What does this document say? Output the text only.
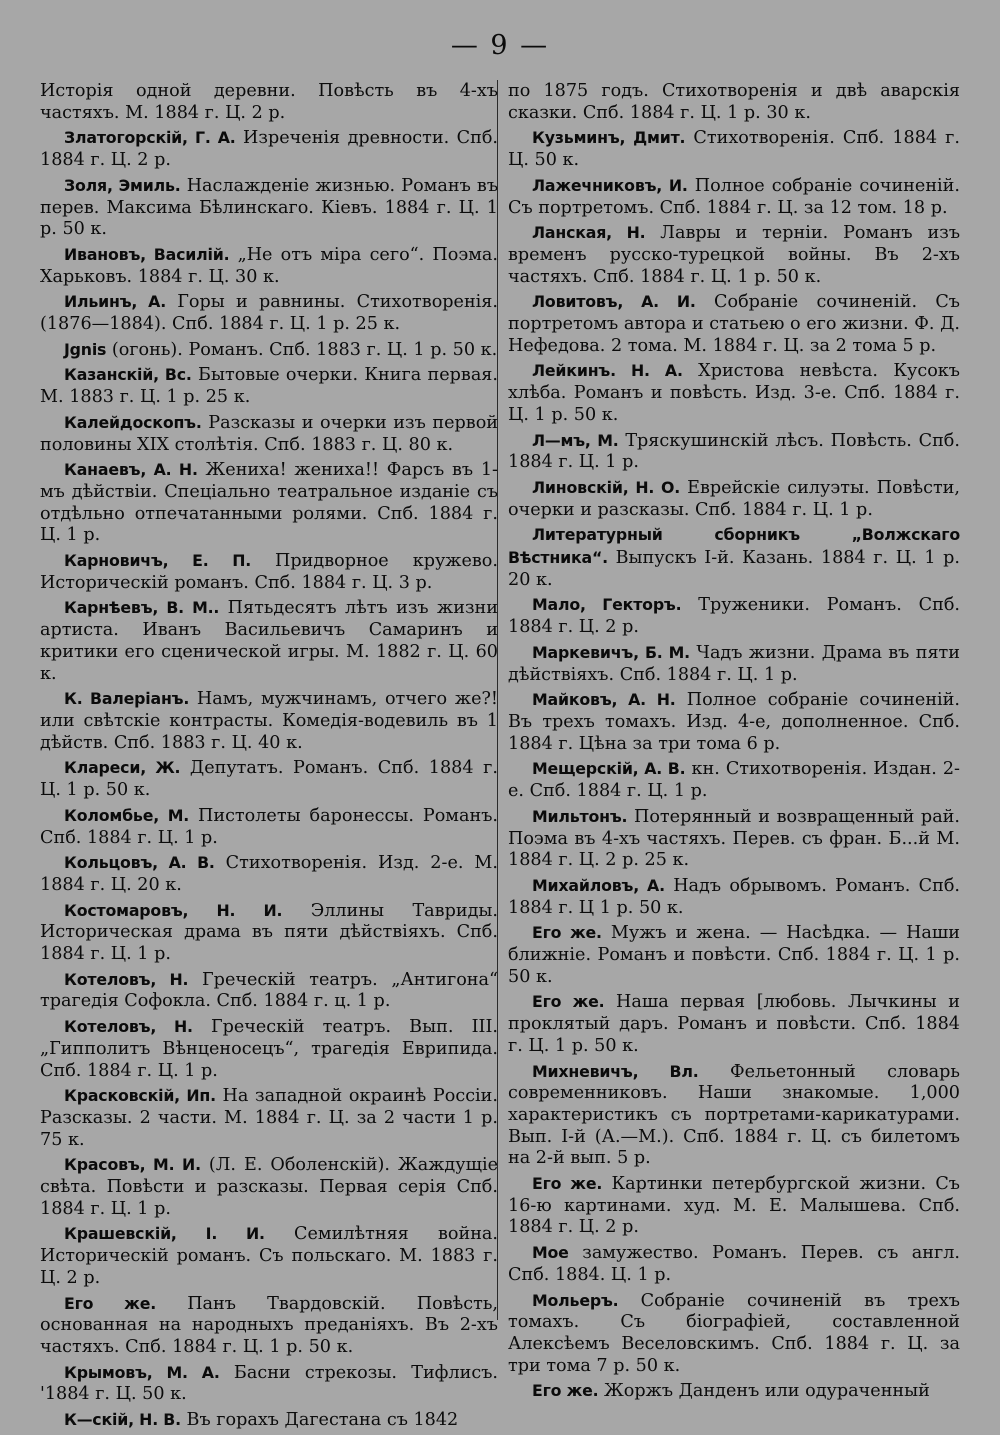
— 9 —
Исторія одной деревни. Повѣсть въ 4-хъ частяхъ. М. 1884 г. Ц. 2 р.
Златогорскій, Г. А. Изреченія древности. Спб. 1884 г. Ц. 2 р.
Золя, Эмиль. Наслажденіе жизнью. Романъ въ перев. Максима Бѣлинскаго. Кіевъ. 1884 г. Ц. 1 р. 50 к.
Ивановъ, Василій. „Не отъ міра сего“. Поэма. Харьковъ. 1884 г. Ц. 30 к.
Ильинъ, А. Горы и равнины. Стихотворенія. (1876—1884). Спб. 1884 г. Ц. 1 р. 25 к.
Jgnis (огонь). Романъ. Спб. 1883 г. Ц. 1 р. 50 к.
Казанскій, Вс. Бытовые очерки. Книга первая. М. 1883 г. Ц. 1 р. 25 к.
Калейдоскопъ. Разсказы и очерки изъ первой половины XIX столѣтія. Спб. 1883 г. Ц. 80 к.
Канаевъ, А. Н. Жениха! жениха!! Фарсъ въ 1-мъ дѣйствіи. Спеціально театральное изданіе съ отдѣльно отпечатанными ролями. Спб. 1884 г. Ц. 1 р.
Карновичъ, Е. П. Придворное кружево. Историческій романъ. Спб. 1884 г. Ц. 3 р.
Карнѣевъ, В. М.. Пятьдесятъ лѣтъ изъ жизни артиста. Иванъ Васильевичъ Самаринъ и критики его сценической игры. М. 1882 г. Ц. 60 к.
К. Валеріанъ. Намъ, мужчинамъ, отчего же?! или свѣтскіе контрасты. Комедія-водевиль въ 1 дѣйств. Спб. 1883 г. Ц. 40 к.
Клареси, Ж. Депутатъ. Романъ. Спб. 1884 г. Ц. 1 р. 50 к.
Коломбье, М. Пистолеты баронессы. Романъ. Спб. 1884 г. Ц. 1 р.
Кольцовъ, А. В. Стихотворенія. Изд. 2-е. М. 1884 г. Ц. 20 к.
Костомаровъ, Н. И. Эллины Тавриды. Историческая драма въ пяти дѣйствіяхъ. Спб. 1884 г. Ц. 1 р.
Котеловъ, Н. Греческій театръ. „Антигона“ трагедія Софокла. Спб. 1884 г. ц. 1 р.
Котеловъ, Н. Греческій театръ. Вып. III. „Гипполитъ Вѣнценосецъ“, трагедія Еврипида. Спб. 1884 г. Ц. 1 р.
Красковскій, Ип. На западной окраинѣ Россіи. Разсказы. 2 части. М. 1884 г. Ц. за 2 части 1 р. 75 к.
Красовъ, М. И. (Л. Е. Оболенскій). Жаждущіе свѣта. Повѣсти и разсказы. Первая серія Спб. 1884 г. Ц. 1 р.
Крашевскій, І. И. Семилѣтняя война. Историческій романъ. Съ польскаго. М. 1883 г. Ц. 2 р.
Его же. Панъ Твардовскій. Повѣсть, основанная на народныхъ преданіяхъ. Въ 2-хъ частяхъ. Спб. 1884 г. Ц. 1 р. 50 к.
Крымовъ, М. А. Басни стрекозы. Тифлисъ. '1884 г. Ц. 50 к.
К—скій, Н. В. Въ горахъ Дагестана съ 1842
по 1875 годъ. Стихотворенія и двѣ аварскія сказки. Спб. 1884 г. Ц. 1 р. 30 к.
Кузьминъ, Дмит. Стихотворенія. Спб. 1884 г. Ц. 50 к.
Лажечниковъ, И. Полное собраніе сочиненій. Съ портретомъ. Спб. 1884 г. Ц. за 12 том. 18 р.
Ланская, Н. Лавры и терніи. Романъ изъ временъ русско-турецкой войны. Въ 2-хъ частяхъ. Спб. 1884 г. Ц. 1 р. 50 к.
Ловитовъ, А. И. Собраніе сочиненій. Съ портретомъ автора и статьею о его жизни. Ф. Д. Нефедова. 2 тома. М. 1884 г. Ц. за 2 тома 5 р.
Лейкинъ. Н. А. Христова невѣста. Кусокъ хлѣба. Романъ и повѣсть. Изд. 3-е. Спб. 1884 г. Ц. 1 р. 50 к.
Л—мъ, М. Тряскушинскій лѣсъ. Повѣсть. Спб. 1884 г. Ц. 1 р.
Линовскій, Н. О. Еврейскіе силуэты. Повѣсти, очерки и разсказы. Спб. 1884 г. Ц. 1 р.
Литературный сборникъ „Волжскаго Вѣстника“. Выпускъ І-й. Казань. 1884 г. Ц. 1 р. 20 к.
Мало, Гекторъ. Труженики. Романъ. Спб. 1884 г. Ц. 2 р.
Маркевичъ, Б. М. Чадъ жизни. Драма въ пяти дѣйствіяхъ. Спб. 1884 г. Ц. 1 р.
Майковъ, А. Н. Полное собраніе сочиненій. Въ трехъ томахъ. Изд. 4-е, дополненное. Спб. 1884 г. Цѣна за три тома 6 р.
Мещерскій, А. В. кн. Стихотворенія. Издан. 2-е. Спб. 1884 г. Ц. 1 р.
Мильтонъ. Потерянный и возвращенный рай. Поэма въ 4-хъ частяхъ. Перев. съ фран. Б...й М. 1884 г. Ц. 2 р. 25 к.
Михайловъ, А. Надъ обрывомъ. Романъ. Спб. 1884 г. Ц 1 р. 50 к.
Его же. Мужъ и жена. — Насѣдка. — Наши ближніе. Романъ и повѣсти. Спб. 1884 г. Ц. 1 р. 50 к.
Его же. Наша первая [любовь. Лычкины и проклятый даръ. Романъ и повѣсти. Спб. 1884 г. Ц. 1 р. 50 к.
Михневичъ, Вл. Фельетонный словарь современниковъ. Наши знакомые. 1,000 характеристикъ съ портретами-карикатурами. Вып. І-й (А.—М.). Спб. 1884 г. Ц. съ билетомъ на 2-й вып. 5 р.
Его же. Картинки петербургской жизни. Съ 16-ю картинами. худ. М. Е. Малышева. Спб. 1884 г. Ц. 2 р.
Мое замужество. Романъ. Перев. съ англ. Спб. 1884. Ц. 1 р.
Мольеръ. Собраніе сочиненій въ трехъ томахъ. Съ біографіей, составленной Алексѣемъ Веселовскимъ. Спб. 1884 г. Ц. за три тома 7 р. 50 к.
Его же. Жоржъ Данденъ или одураченный
